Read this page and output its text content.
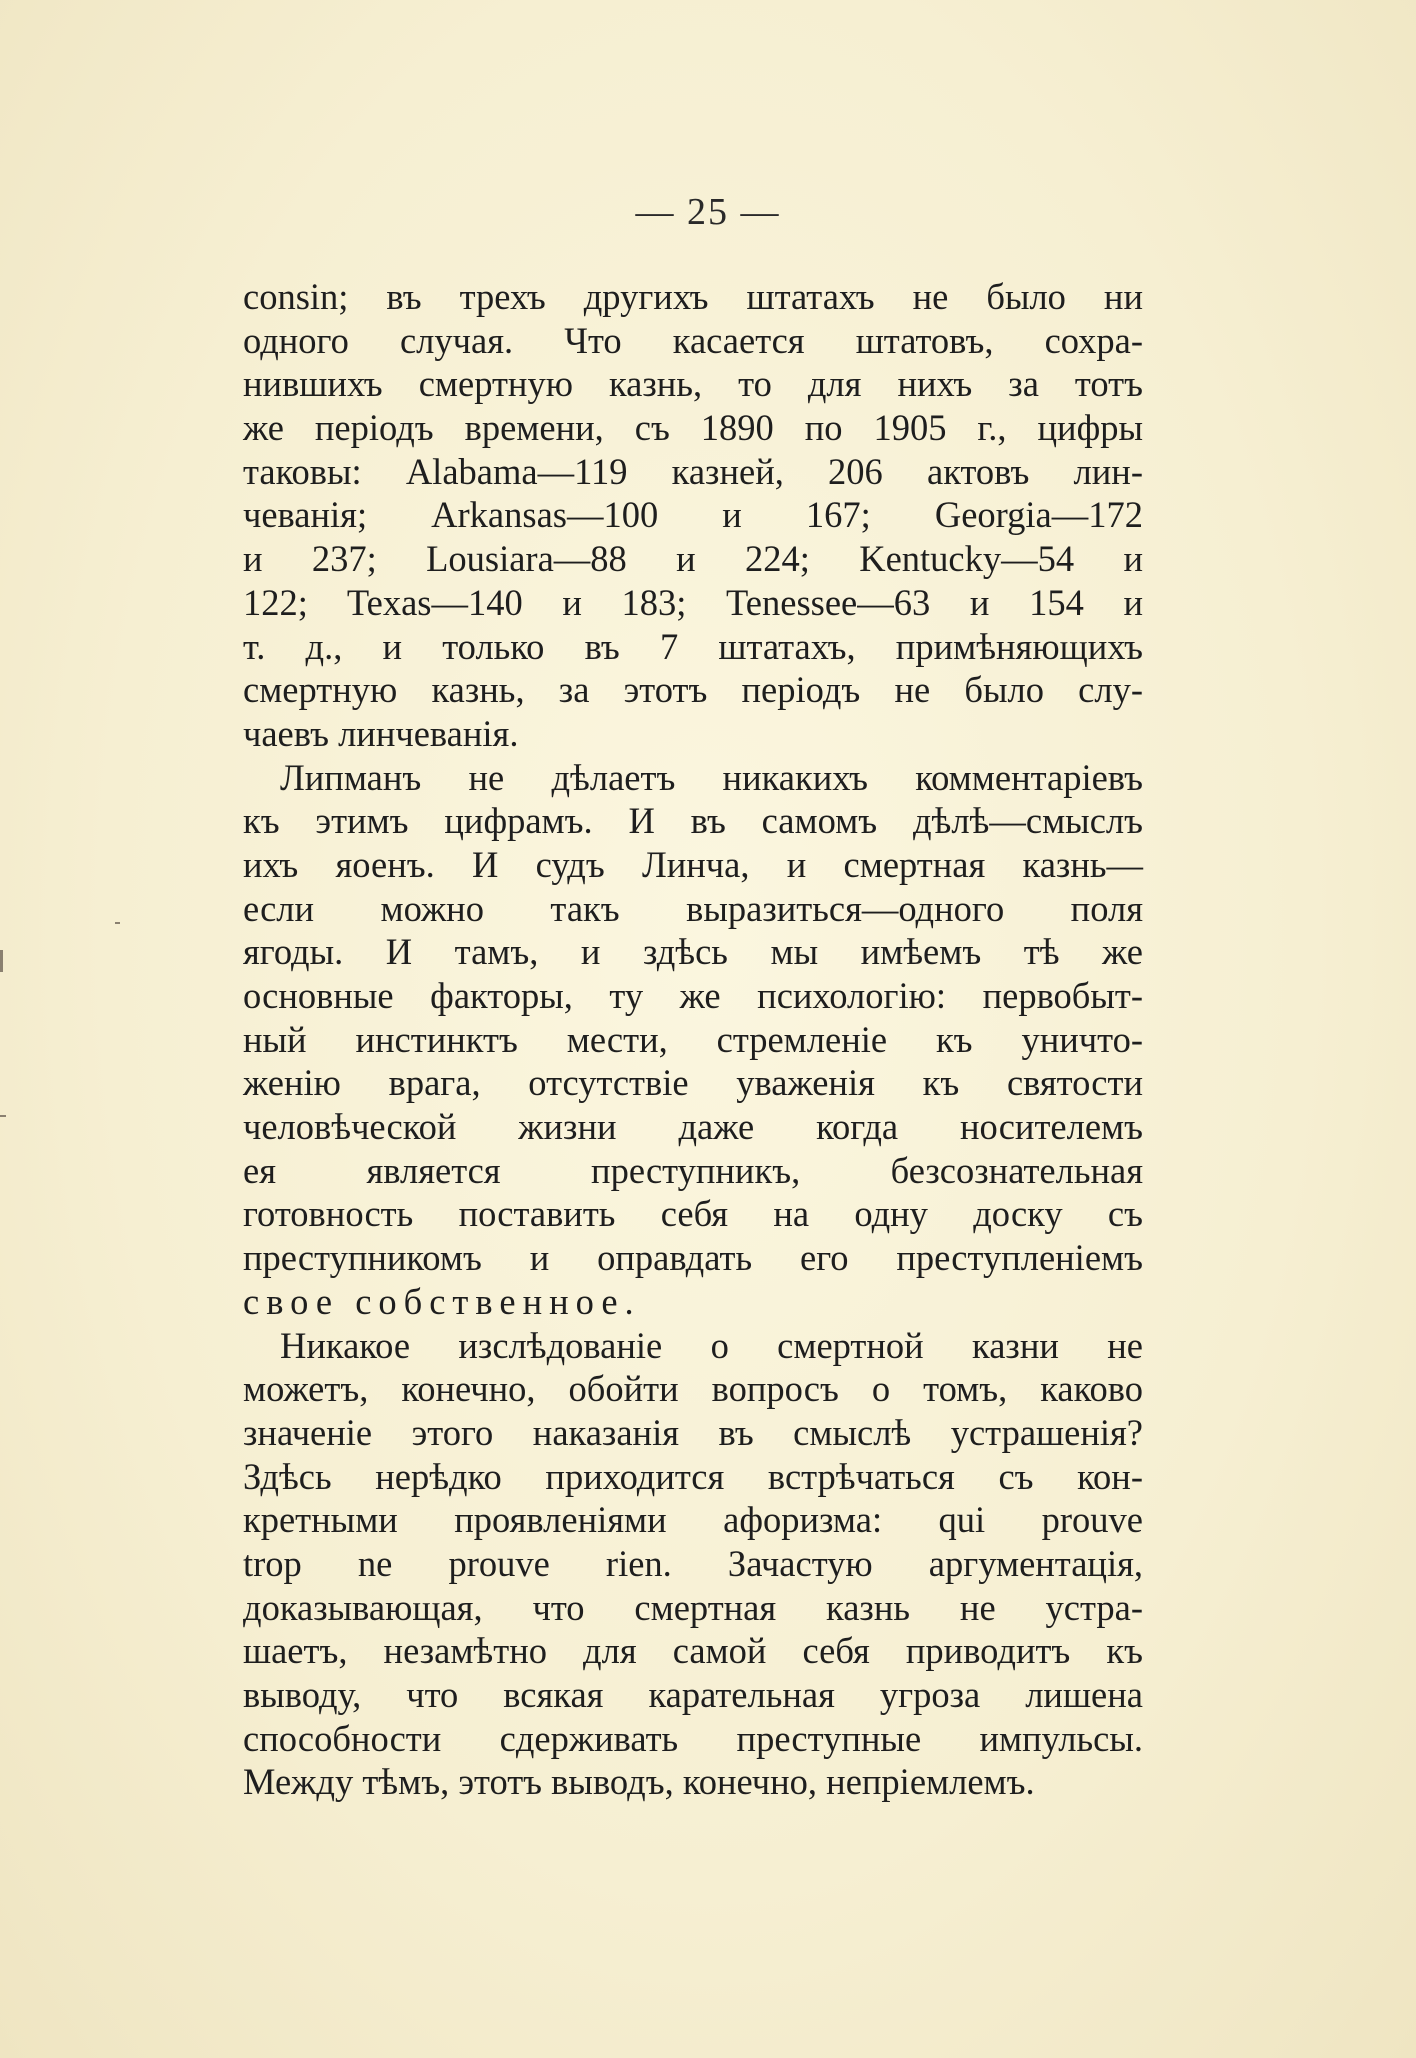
— 25 —
consin; въ трехъ другихъ штатахъ не было ни
одного случая. Что касается штатовъ, сохра-
нившихъ смертную казнь, то для нихъ за тотъ
же періодъ времени, съ 1890 по 1905 г., цифры
таковы: Alabama—119 казней, 206 актовъ лин-
чеванія; Arkansas—100 и 167; Georgia—172
и 237; Lousiara—88 и 224; Kentucky—54 и
122; Texas—140 и 183; Tenessee—63 и 154 и
т. д., и только въ 7 штатахъ, примѣняющихъ
смертную казнь, за этотъ періодъ не было слу-
чаевъ линчеванія.
Липманъ не дѣлаетъ никакихъ комментаріевъ
къ этимъ цифрамъ. И въ самомъ дѣлѣ—смыслъ
ихъ яоенъ. И судъ Линча, и смертная казнь—
если можно такъ выразиться—одного поля
ягоды. И тамъ, и здѣсь мы имѣемъ тѣ же
основные факторы, ту же психологію: первобыт-
ный инстинктъ мести, стремленіе къ уничто-
женію врага, отсутствіе уваженія къ святости
человѣческой жизни даже когда носителемъ
ея является преступникъ, безсознательная
готовность поставить себя на одну доску съ
преступникомъ и оправдать его преступленіемъ
свое собственное.
Никакое изслѣдованіе о смертной казни не
можетъ, конечно, обойти вопросъ о томъ, каково
значеніе этого наказанія въ смыслѣ устрашенія?
Здѣсь нерѣдко приходится встрѣчаться съ кон-
кретными проявленіями афоризма: qui prouve
trop ne prouve rien. Зачастую аргументація,
доказывающая, что смертная казнь не устра-
шаетъ, незамѣтно для самой себя приводитъ къ
выводу, что всякая карательная угроза лишена
способности сдерживать преступные импульсы.
Между тѣмъ, этотъ выводъ, конечно, непріемлемъ.
